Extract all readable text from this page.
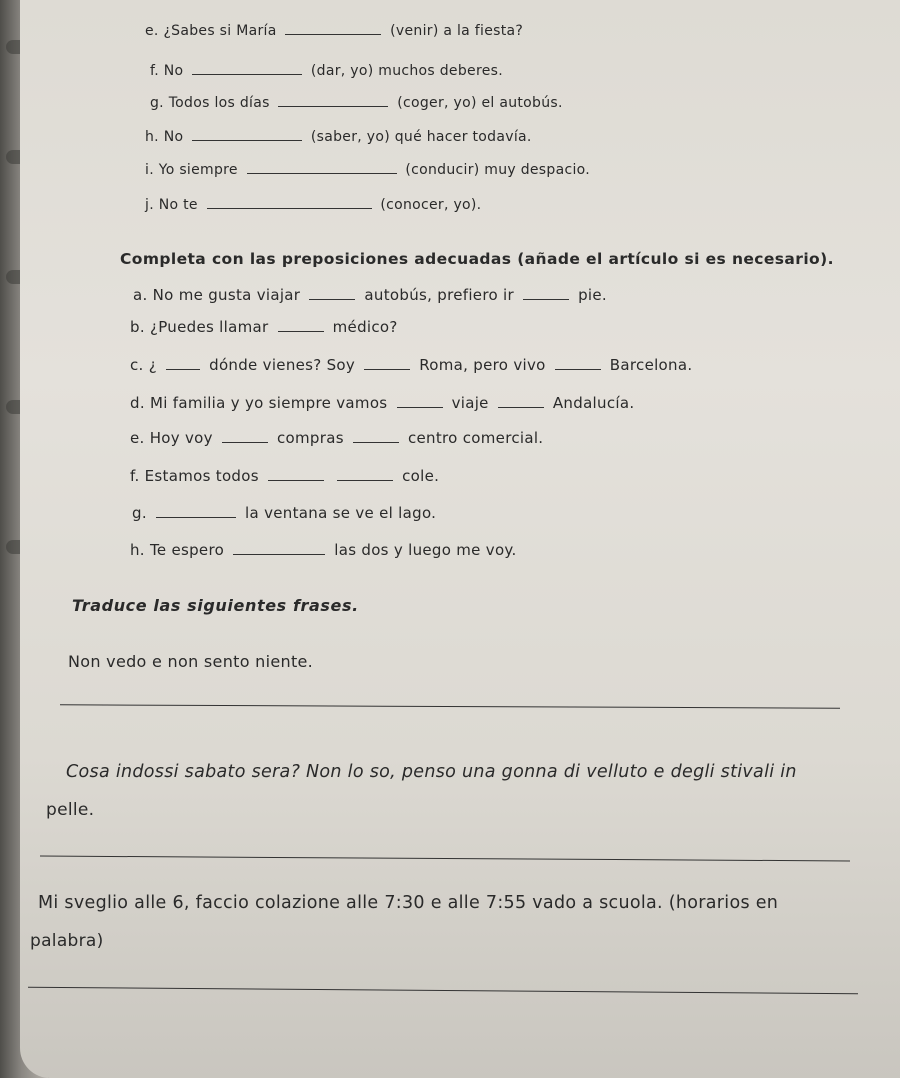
e. ¿Sabes si María	(venir) a la fiesta?
f. No	(dar, yo) muchos deberes.
g. Todos los días	(coger, yo) el autobús.
h. No	(saber, yo) qué hacer todavía.
i. Yo siempre	(conducir) muy despacio.
j. No te	(conocer, yo).
Completa con las preposiciones adecuadas (añade el artículo si es necesario).
a. No me gusta viajar	autobús, prefiero ir	pie.
b. ¿Puedes llamar	médico?
c. ¿	dónde vienes? Soy	Roma, pero vivo	Barcelona.
d. Mi familia y yo siempre vamos	viaje	Andalucía.
e. Hoy voy	compras	centro comercial.
f. Estamos todos	cole.
g.	la ventana se ve el lago.
h. Te espero	las dos y luego me voy.
Traduce las siguientes frases.
Non vedo e non sento niente.
Cosa indossi sabato sera? Non lo so, penso una gonna di velluto e degli stivali in
pelle.
Mi sveglio alle 6, faccio colazione alle 7:30 e alle 7:55 vado a scuola. (horarios en
palabra)
